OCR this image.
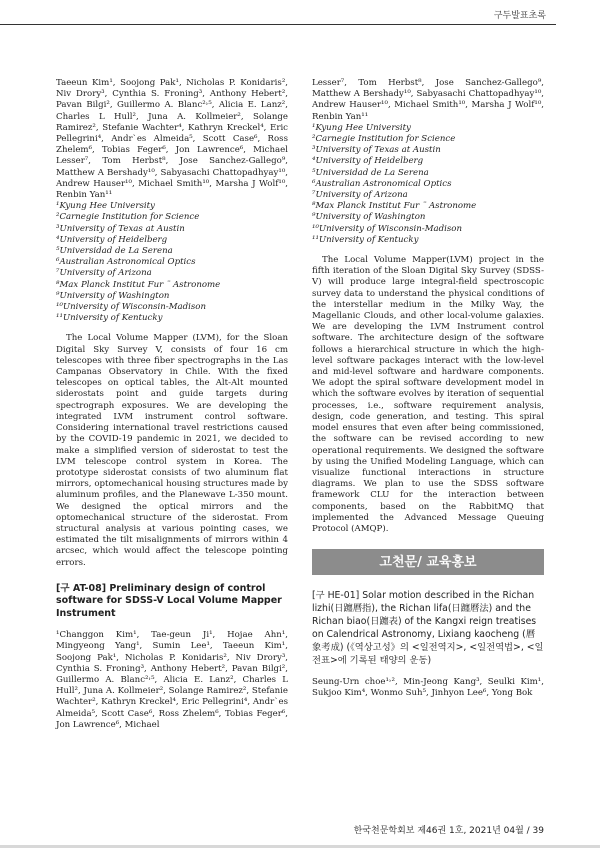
구두발표초록

Taeeun Kim¹, Soojong Pak¹, Nicholas P. Konidaris², Niv Drory³, Cynthia S. Froning³, Anthony Hebert², Pavan Bilgi², Guillermo A. Blanc²˒⁵, Alicia E. Lanz², Charles L Hull², Juna A. Kollmeier², Solange Ramirez², Stefanie Wachter⁴, Kathryn Kreckel⁴, Eric Pellegrini⁴, Andr`es Almeida⁵, Scott Case⁶, Ross Zhelem⁶, Tobias Feger⁶, Jon Lawrence⁶, Michael Lesser⁷, Tom Herbst⁸, Jose Sanchez-Gallego⁹, Matthew A Bershady¹⁰, Sabyasachi Chattopadhyay¹⁰, Andrew Hauser¹⁰, Michael Smith¹⁰, Marsha J Wolf¹⁰, Renbin Yan¹¹

¹Kyung Hee University
²Carnegie Institution for Science
³University of Texas at Austin
⁴University of Heidelberg
⁵Universidad de La Serena
⁶Australian Astronomical Optics
⁷University of Arizona
⁸Max Planck Institut Fur ¨ Astronome
⁹University of Washington
¹⁰University of Wisconsin-Madison
¹¹University of Kentucky

The Local Volume Mapper (LVM), for the Sloan Digital Sky Survey V, consists of four 16 cm telescopes with three fiber spectrographs in the Las Campanas Observatory in Chile. With the fixed telescopes on optical tables, the Alt-Alt mounted siderostats point and guide targets during spectrograph exposures. We are developing the integrated LVM instrument control software. Considering international travel restrictions caused by the COVID-19 pandemic in 2021, we decided to make a simplified version of siderostat to test the LVM telescope control system in Korea. The prototype siderostat consists of two aluminum flat mirrors, optomechanical housing structures made by aluminum profiles, and the Planewave L-350 mount. We designed the optical mirrors and the optomechanical structure of the siderostat. From structural analysis at various pointing cases, we estimated the tilt misalignments of mirrors within 4 arcsec, which would affect the telescope pointing errors.

[구 AT-08] Preliminary design of control software for SDSS-V Local Volume Mapper Instrument

¹Changgon Kim¹, Tae-geun Ji¹, Hojae Ahn¹, Mingyeong Yang¹, Sumin Lee¹, Taeeun Kim¹, Soojong Pak¹, Nicholas P. Konidaris², Niv Drory³, Cynthia S. Froning³, Anthony Hebert², Pavan Bilgi², Guillermo A. Blanc²˒⁵, Alicia E. Lanz², Charles L Hull², Juna A. Kollmeier², Solange Ramirez², Stefanie Wachter², Kathryn Kreckel⁴, Eric Pellegrini⁴, Andr`es Almeida⁵, Scott Case⁶, Ross Zhelem⁶, Tobias Feger⁶, Jon Lawrence⁶, Michael

Lesser⁷, Tom Herbst⁸, Jose Sanchez-Gallego⁹, Matthew A Bershady¹⁰, Sabyasachi Chattopadhyay¹⁰, Andrew Hauser¹⁰, Michael Smith¹⁰, Marsha J Wolf¹⁰, Renbin Yan¹¹

¹Kyung Hee University
²Carnegie Institution for Science
³University of Texas at Austin
⁴University of Heidelberg
⁵Universidad de La Serena
⁶Australian Astronomical Optics
⁷University of Arizona
⁸Max Planck Institut Fur ¨ Astronome
⁹University of Washington
¹⁰University of Wisconsin-Madison
¹¹University of Kentucky

The Local Volume Mapper(LVM) project in the fifth iteration of the Sloan Digital Sky Survey (SDSS-V) will produce large integral-field spectroscopic survey data to understand the physical conditions of the interstellar medium in the Milky Way, the Magellanic Clouds, and other local-volume galaxies. We are developing the LVM Instrument control software. The architecture design of the software follows a hierarchical structure in which the high-level software packages interact with the low-level and mid-level software and hardware components. We adopt the spiral software development model in which the software evolves by iteration of sequential processes, i.e., software requirement analysis, design, code generation, and testing. This spiral model ensures that even after being commissioned, the software can be revised according to new operational requirements. We designed the software by using the Unified Modeling Language, which can visualize functional interactions in structure diagrams. We plan to use the SDSS software framework CLU for the interaction between components, based on the RabbitMQ that implemented the Advanced Message Queuing Protocol (AMQP).

고천문/ 교육홍보
[구 HE-01] Solar motion described in the Richan lizhi(日躔曆指), the Richan lifa(日躔曆法) and the Richan biao(日躔表) of the Kangxi reign treatises on Calendrical Astronomy, Lixiang kaocheng (曆象考成) (《역상고성》의 <일전역지>, <일전역법>, <일전표>에 기록된 태양의 운동)

Seung-Urn choe¹˒², Min-Jeong Kang³, Seulki Kim¹, Sukjoo Kim⁴, Wonmo Suh⁵, Jinhyon Lee⁶, Yong Bok

한국천문학회보 제46권 1호, 2021년 04월 / 39
